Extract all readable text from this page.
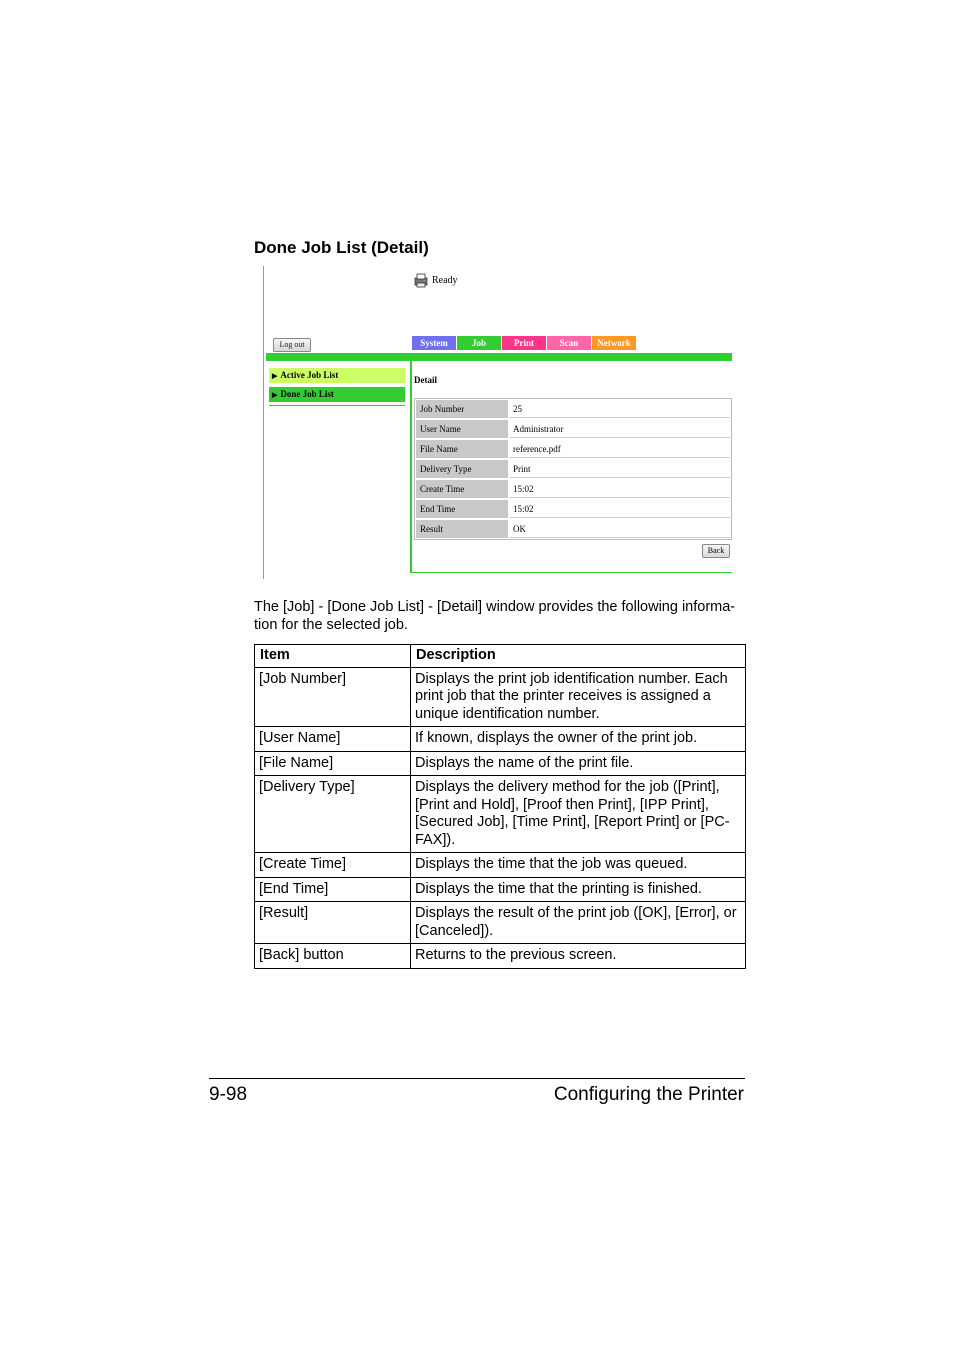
Done Job List (Detail)
Ready
Log out	System	Job	Print	Scan	Network
▶ Active Job List
▶ Done Job List
Detail
Job Number	25
User Name	Administrator
File Name	reference.pdf
Delivery Type	Print
Create Time	15:02
End Time	15:02
Result	OK
Back
The [Job] - [Done Job List] - [Detail] window provides the following informa-tion for the selected job.
Item	Description
[Job Number]	Displays the print job identification number. Each print job that the printer receives is assigned a unique identification number.
[User Name]	If known, displays the owner of the print job.
[File Name]	Displays the name of the print file.
[Delivery Type]	Displays the delivery method for the job ([Print], [Print and Hold], [Proof then Print], [IPP Print], [Secured Job], [Time Print], [Report Print] or [PC-FAX]).
[Create Time]	Displays the time that the job was queued.
[End Time]	Displays the time that the printing is finished.
[Result]	Displays the result of the print job ([OK], [Error], or [Canceled]).
[Back] button	Returns to the previous screen.
9-98	Configuring the Printer
